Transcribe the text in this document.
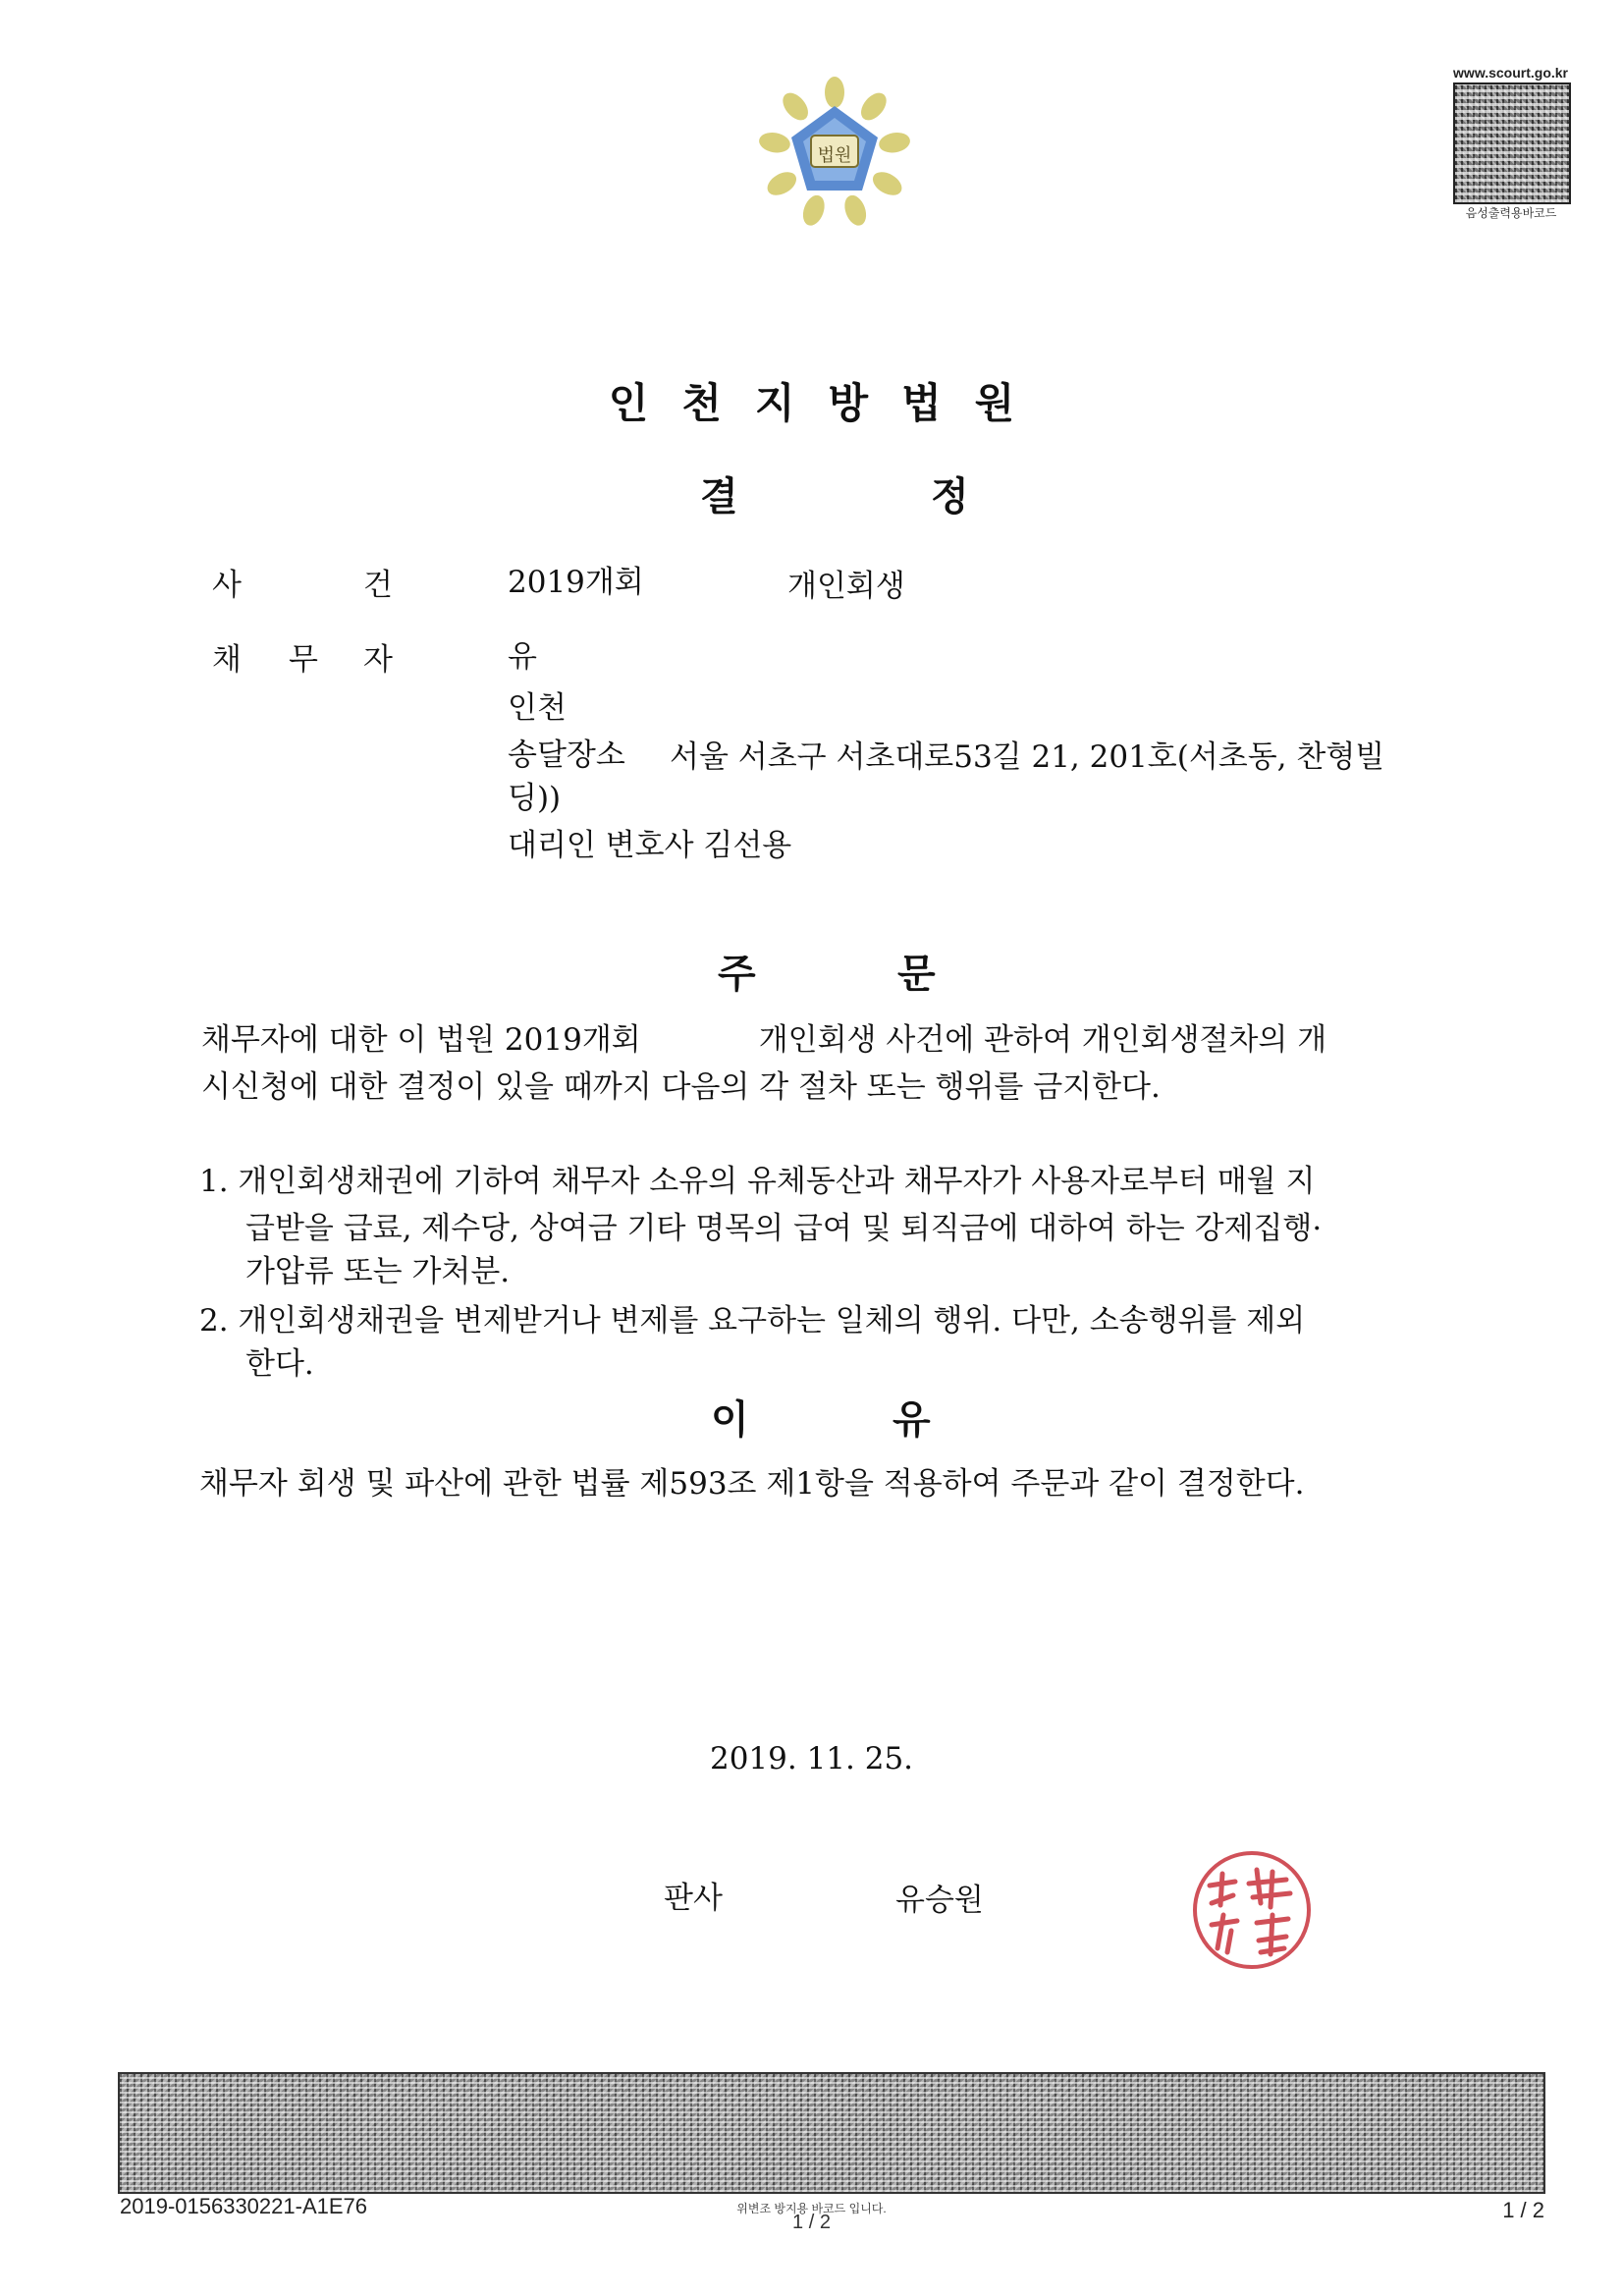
www.scourt.go.kr
음성출력용바코드
법원
인천지방법원
결	정
사	건	2019개회	개인회생
채 무 자	유
인천
송달장소 서울 서초구 서초대로53길 21, 201호(서초동, 찬형빌
딩))
대리인 변호사 김선용
주	문
채무자에 대한 이 법원 2019개회	개인회생 사건에 관하여 개인회생절차의 개
시신청에 대한 결정이 있을 때까지 다음의 각 절차 또는 행위를 금지한다.
1. 개인회생채권에 기하여 채무자 소유의 유체동산과 채무자가 사용자로부터 매월 지
급받을 급료, 제수당, 상여금 기타 명목의 급여 및 퇴직금에 대하여 하는 강제집행·
가압류 또는 가처분.
2. 개인회생채권을 변제받거나 변제를 요구하는 일체의 행위. 다만, 소송행위를 제외
한다.
이	유
채무자 회생 및 파산에 관한 법률 제593조 제1항을 적용하여 주문과 같이 결정한다.
2019. 11. 25.
판사	유승원
2019-0156330221-A1E76	위변조 방지용 바코드 입니다.
1 / 2	1 / 2
